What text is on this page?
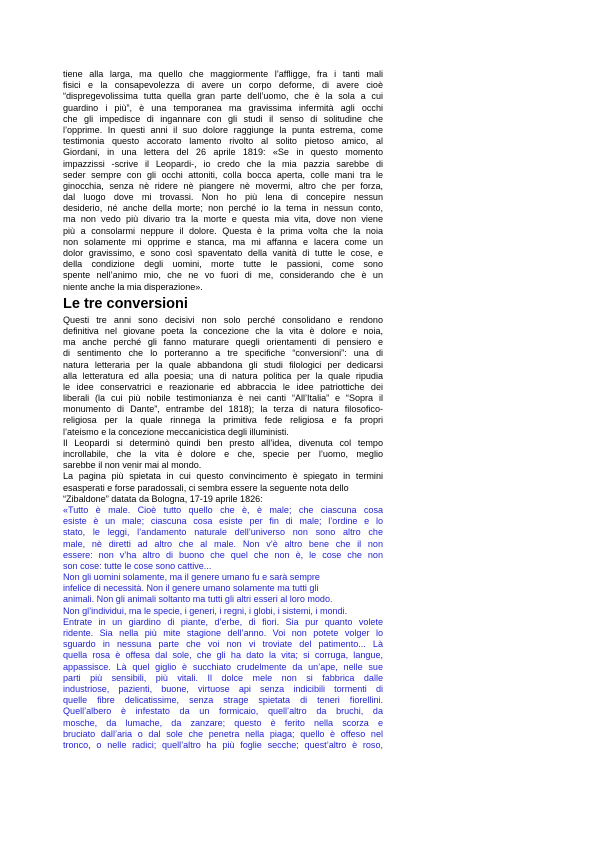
tiene alla larga, ma quello che maggiormente l’affligge, fra i tanti mali

fisici e la consapevolezza di avere un corpo deforme, di avere cioè

“dispregevolissima tutta quella gran parte dell’uomo, che è la sola a cui

guardino i più”, è una temporanea ma gravissima infermità agli occhi

che gli impedisce di ingannare con gli studi il senso di solitudine che

l’opprime. In questi anni il suo dolore raggiunge la punta estrema, come

testimonia questo accorato lamento rivolto al solito pietoso amico, al

Giordani, in una lettera del 26 aprile 1819: «Se in questo momento

impazzissi -scrive il Leopardi-, io credo che la mia pazzia sarebbe di

seder sempre con gli occhi attoniti, colla bocca aperta, colle mani tra le

ginocchia, senza nè ridere nè piangere nè movermi, altro che per forza,

dal luogo dove mi trovassi. Non ho più lena di concepire nessun

desiderio, né anche della morte; non perché io la tema in nessun conto,

ma non vedo più divario tra la morte e questa mia vita, dove non viene

più a consolarmi neppure il dolore. Questa è la prima volta che la noia

non solamente mi opprime e stanca, ma mi affanna e lacera come un

dolor gravissimo, e sono così spaventato della vanità di tutte le cose, e

della condizione degli uomini, morte tutte le passioni, come sono

spente nell’animo mio, che ne vo fuori di me, considerando che è un

niente anche la mia disperazione».

Le tre conversioni

Questi tre anni sono decisivi non solo perché consolidano e rendono

definitiva nel giovane poeta la concezione che la vita è dolore e noia,

ma anche perché gli fanno maturare quegli orientamenti di pensiero e

di sentimento che lo porteranno a tre specifiche “conversioni”: una di

natura letteraria per la quale abbandona gli studi filologici per dedicarsi

alla letteratura ed alla poesia; una di natura politica per la quale ripudia

le idee conservatrici e reazionarie ed abbraccia le idee patriottiche dei

liberali (la cui più nobile testimonianza è nei canti “All’Italia” e “Sopra il

monumento di Dante”, entrambe del 1818); la terza di natura filosofico-

religiosa per la quale rinnega la primitiva fede religiosa e fa propri

l’ateismo e la concezione meccanicistica degli illuministi.

Il Leopardi si determinò quindi ben presto all’idea, divenuta col tempo

incrollabile, che la vita è dolore e che, specie per l’uomo, meglio

sarebbe il non venir mai al mondo.

La pagina più spietata in cui questo convincimento è spiegato in termini

esasperati e forse paradossali, ci sembra essere la seguente nota dello

“Zibaldone” datata da Bologna, 17-19 aprile 1826:

«Tutto è male. Cioè tutto quello che è, è male; che ciascuna cosa

esiste è un male; ciascuna cosa esiste per fin di male; l’ordine e lo

stato, le leggi, l’andamento naturale dell’universo non sono altro che

male, nè diretti ad altro che al male. Non v’è altro bene che il non

essere: non v’ha altro di buono che quel che non è, le cose che non

son cose: tutte le cose sono cattive...

Non gli uomini solamente, ma il genere umano fu e sarà sempre

infelice di necessità. Non il genere umano solamente ma tutti gli

animali. Non gli animali soltanto ma tutti gli altri esseri al loro modo.

Non gl’individui, ma le specie, i generi, i regni, i globi, i sistemi, i mondi.

Entrate in un giardino di piante, d’erbe, di fiori. Sia pur quanto volete

ridente. Sia nella più mite stagione dell’anno. Voi non potete volger lo

sguardo in nessuna parte che voi non vi troviate del patimento... Là

quella rosa è offesa dal sole, che gli ha dato la vita; si corruga, langue,

appassisce. Là quel giglio è succhiato crudelmente da un’ape, nelle sue

parti più sensibili, più vitali. Il dolce mele non si fabbrica dalle

industriose, pazienti, buone, virtuose api senza indicibili tormenti di

quelle fibre delicatissime, senza strage spietata di teneri fiorellini.

Quell’albero è infestato da un formicaio, quell’altro da bruchi, da

mosche, da lumache, da zanzare; questo è ferito nella scorza e

bruciato dall’aria o dal sole che penetra nella piaga; quello è offeso nel

tronco, o nelle radici; quell’altro ha più foglie secche; quest’altro è roso,
